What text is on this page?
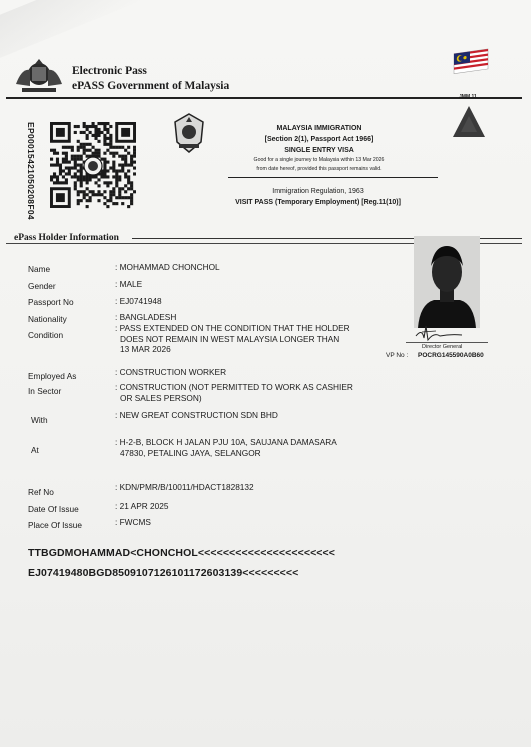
Electronic Pass
ePASS Government of Malaysia
EP00015421050208F04	MALAYSIA IMMIGRATION
[Section 2(1), Passport Act 1966]
SINGLE ENTRY VISA
Good for a single journey to Malaysia within 13 Mar 2026
from date hereof, provided this passport remains valid.
Immigration Regulation, 1963
VISIT PASS (Temporary Employment) [Reg.11(10)]
JMM 11
ePass Holder Information
Name	: MOHAMMAD CHONCHOL
Gender	: MALE
Passport No	: EJ0741948
Nationality	: BANGLADESH
Condition
: PASS EXTENDED ON THE CONDITION THAT THE HOLDER
DOES NOT REMAIN IN WEST MALAYSIA LONGER THAN
13 MAR 2026
Employed As	: CONSTRUCTION WORKER
In Sector	: CONSTRUCTION (NOT PERMITTED TO WORK AS CASHIER
OR SALES PERSON)
With	: NEW GREAT CONSTRUCTION SDN BHD
At
: H-2-B, BLOCK H JALAN PJU 10A, SAUJANA DAMASARA
47830, PETALING JAYA, SELANGOR
Ref No	: KDN/PMR/B/10011/HDACT1828132
Date Of Issue	: 21 APR 2025
Place Of Issue	: FWCMS
Director General
VP No : POCRG145590A0B60
TTBGDMOHAMMAD<CHONCHOL<<<<<<<<<<<<<<<<<<<<<<
EJ07419480BGD8509107126101172603139<<<<<<<<<
